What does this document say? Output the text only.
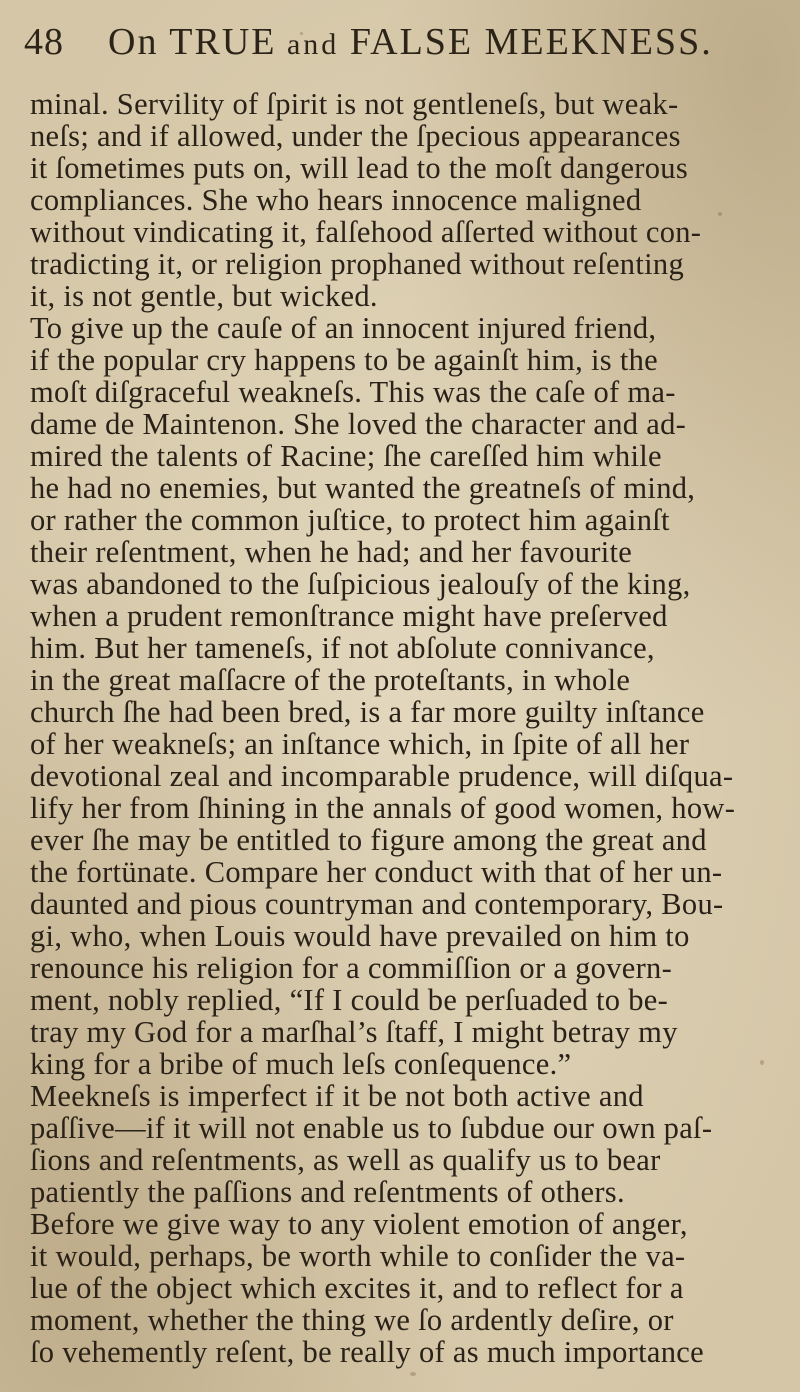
48 On TRUE and FALSE MEEKNESS.
minal. Servility of ſpirit is not gentleneſs, but weak-
neſs; and if allowed, under the ſpecious appearances
it ſometimes puts on, will lead to the moſt dangerous
compliances. She who hears innocence maligned
without vindicating it, falſehood aſſerted without con-
tradicting it, or religion prophaned without reſenting
it, is not gentle, but wicked.
To give up the cauſe of an innocent injured friend,
if the popular cry happens to be againſt him, is the
moſt diſgraceful weakneſs. This was the caſe of ma-
dame de Maintenon. She loved the character and ad-
mired the talents of Racine; ſhe careſſed him while
he had no enemies, but wanted the greatneſs of mind,
or rather the common juſtice, to protect him againſt
their reſentment, when he had; and her favourite
was abandoned to the ſuſpicious jealouſy of the king,
when a prudent remonſtrance might have preſerved
him. But her tameneſs, if not abſolute connivance,
in the great maſſacre of the proteſtants, in whole
church ſhe had been bred, is a far more guilty inſtance
of her weakneſs; an inſtance which, in ſpite of all her
devotional zeal and incomparable prudence, will diſqua-
lify her from ſhining in the annals of good women, how-
ever ſhe may be entitled to figure among the great and
the fortünate. Compare her conduct with that of her un-
daunted and pious countryman and contemporary, Bou-
gi, who, when Louis would have prevailed on him to
renounce his religion for a commiſſion or a govern-
ment, nobly replied, “If I could be perſuaded to be-
tray my God for a marſhal’s ſtaff, I might betray my
king for a bribe of much leſs conſequence.”
Meekneſs is imperfect if it be not both active and
paſſive—if it will not enable us to ſubdue our own paſ-
ſions and reſentments, as well as qualify us to bear
patiently the paſſions and reſentments of others.
Before we give way to any violent emotion of anger,
it would, perhaps, be worth while to conſider the va-
lue of the object which excites it, and to reflect for a
moment, whether the thing we ſo ardently deſire, or
ſo vehemently reſent, be really of as much importance
